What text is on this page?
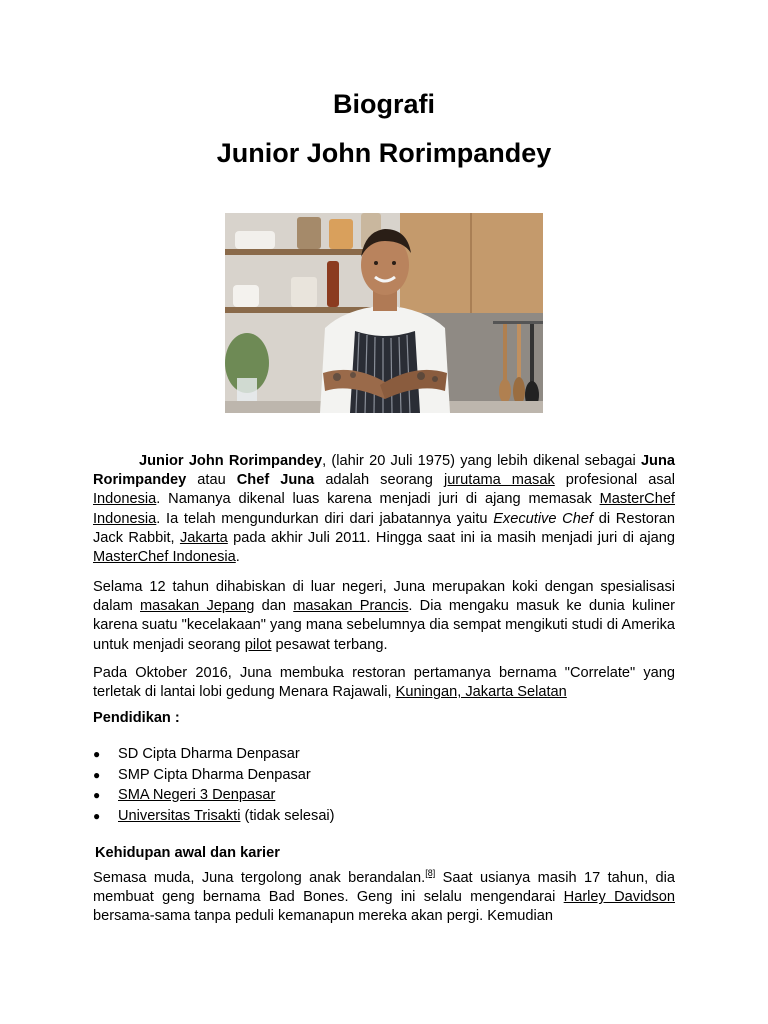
Biografi
Junior John Rorimpandey
Junior John Rorimpandey, (lahir 20 Juli 1975) yang lebih dikenal sebagai Juna Rorimpandey atau Chef Juna adalah seorang jurutama masak profesional asal Indonesia. Namanya dikenal luas karena menjadi juri di ajang memasak MasterChef Indonesia. Ia telah mengundurkan diri dari jabatannya yaitu Executive Chef di Restoran Jack Rabbit, Jakarta pada akhir Juli 2011. Hingga saat ini ia masih menjadi juri di ajang MasterChef Indonesia.
Selama 12 tahun dihabiskan di luar negeri, Juna merupakan koki dengan spesialisasi dalam masakan Jepang dan masakan Prancis. Dia mengaku masuk ke dunia kuliner karena suatu "kecelakaan" yang mana sebelumnya dia sempat mengikuti studi di Amerika untuk menjadi seorang pilot pesawat terbang.
Pada Oktober 2016, Juna membuka restoran pertamanya bernama "Correlate" yang terletak di lantai lobi gedung Menara Rajawali, Kuningan, Jakarta Selatan
Pendidikan :
● SD Cipta Dharma Denpasar
● SMP Cipta Dharma Denpasar
● SMA Negeri 3 Denpasar
● Universitas Trisakti (tidak selesai)
Kehidupan awal dan karier
Semasa muda, Juna tergolong anak berandalan.[8] Saat usianya masih 17 tahun, dia membuat geng bernama Bad Bones. Geng ini selalu mengendarai Harley Davidson bersama-sama tanpa peduli kemanapun mereka akan pergi. Kemudian
